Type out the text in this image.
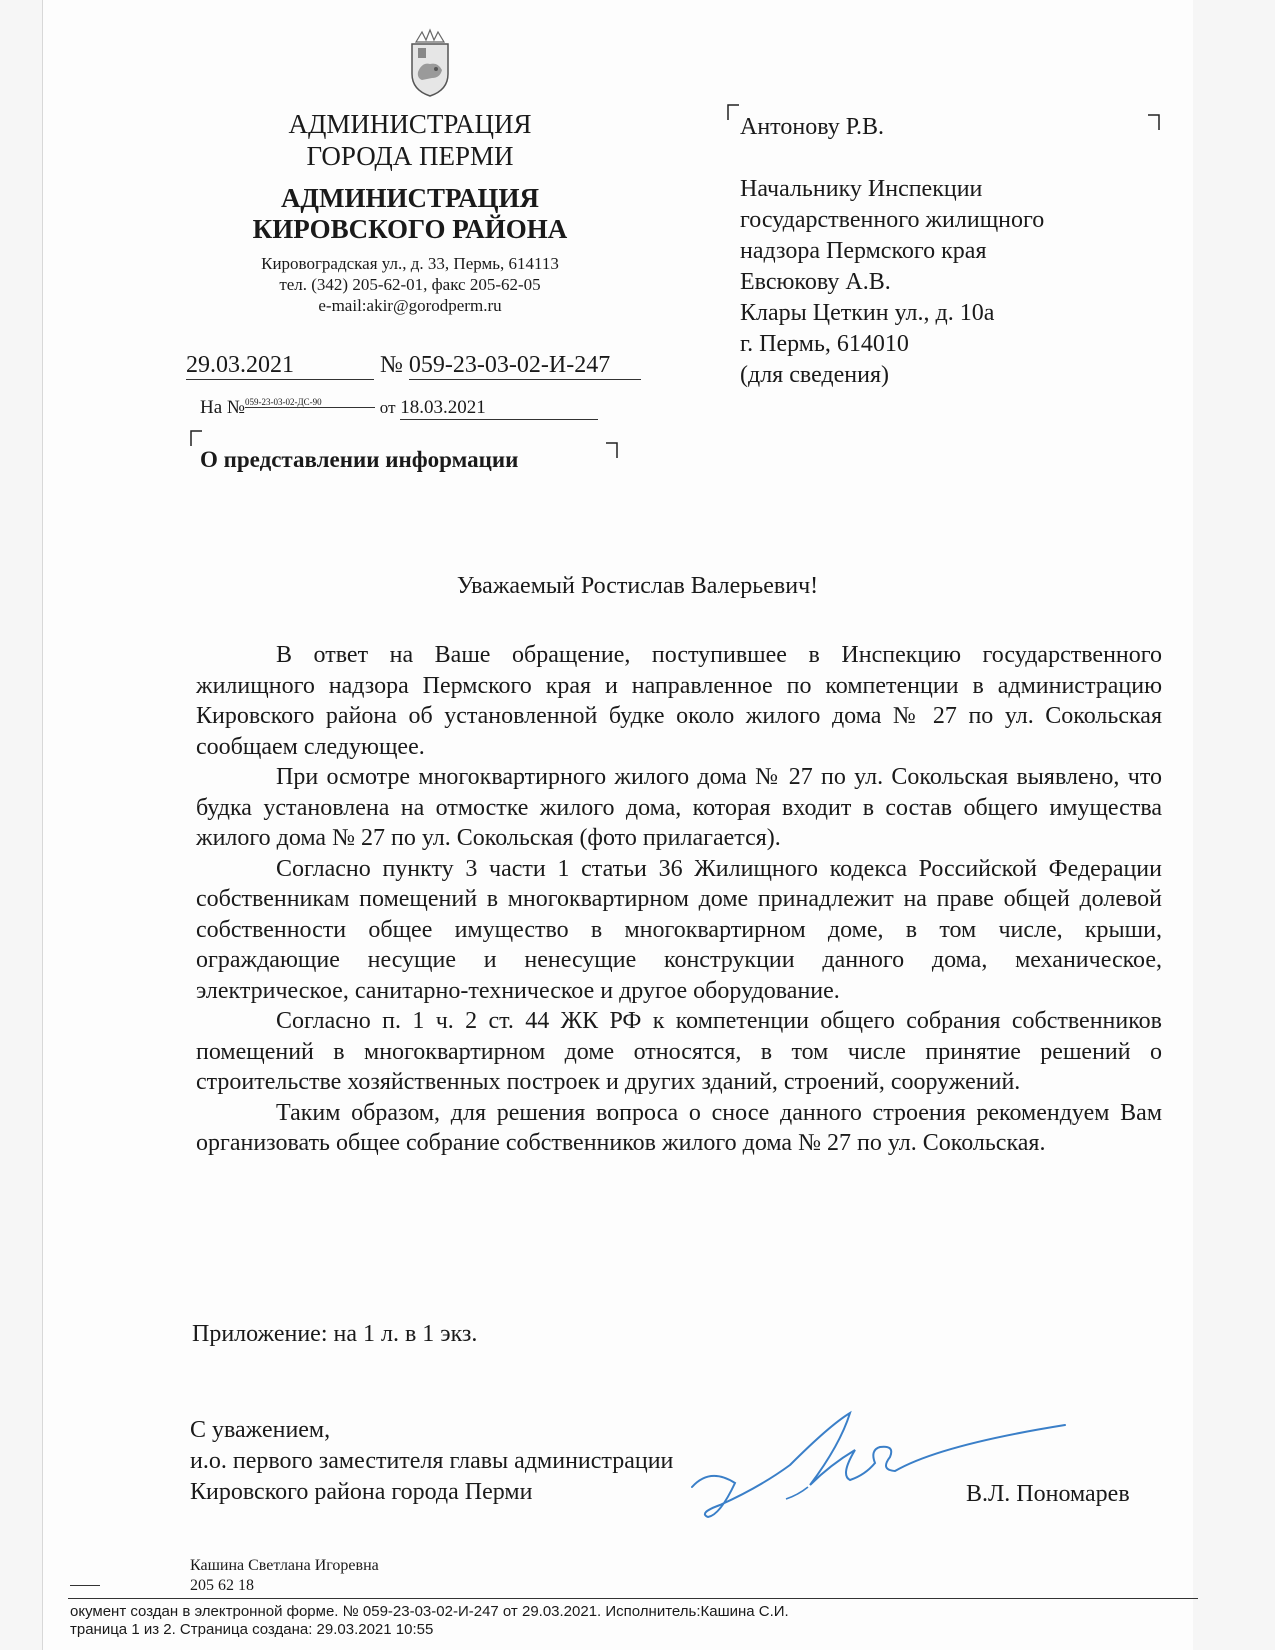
АДМИНИСТРАЦИЯ
ГОРОДА ПЕРМИ
АДМИНИСТРАЦИЯ
КИРОВСКОГО РАЙОНА
Кировоградская ул., д. 33, Пермь, 614113
тел. (342) 205-62-01, факс 205-62-05
e-mail:akir@gorodperm.ru
29.03.2021	№ 059-23-03-02-И-247
На №059-23-03-02-ДС-90	от 18.03.2021
О представлении информации
Антонову Р.В.
Начальнику Инспекции
государственного жилищного
надзора Пермского края
Евсюкову А.В.
Клары Цеткин ул., д. 10а
г. Пермь, 614010
(для сведения)
Уважаемый Ростислав Валерьевич!

В ответ на Ваше обращение, поступившее в Инспекцию государственного жилищного надзора Пермского края и направленное по компетенции в администрацию Кировского района об установленной будке около жилого дома № 27 по ул. Сокольская сообщаем следующее.

При осмотре многоквартирного жилого дома № 27 по ул. Сокольская выявлено, что будка установлена на отмостке жилого дома, которая входит в состав общего имущества жилого дома № 27 по ул. Сокольская (фото прилагается).

Согласно пункту 3 части 1 статьи 36 Жилищного кодекса Российской Федерации собственникам помещений в многоквартирном доме принадлежит на праве общей долевой собственности общее имущество в многоквартирном доме, в том числе, крыши, ограждающие несущие и ненесущие конструкции данного дома, механическое, электрическое, санитарно-техническое и другое оборудование.

Согласно п. 1 ч. 2 ст. 44 ЖК РФ к компетенции общего собрания собственников помещений в многоквартирном доме относятся, в том числе принятие решений о строительстве хозяйственных построек и других зданий, строений, сооружений.

Таким образом, для решения вопроса о сносе данного строения рекомендуем Вам организовать общее собрание собственников жилого дома № 27 по ул. Сокольская.

Приложение: на 1 л. в 1 экз.
С уважением,
и.о. первого заместителя главы администрации
Кировского района города Перми	В.Л. Пономарев
Кашина Светлана Игоревна
205 62 18
окумент создан в электронной форме. № 059-23-03-02-И-247 от 29.03.2021. Исполнитель:Кашина С.И.
